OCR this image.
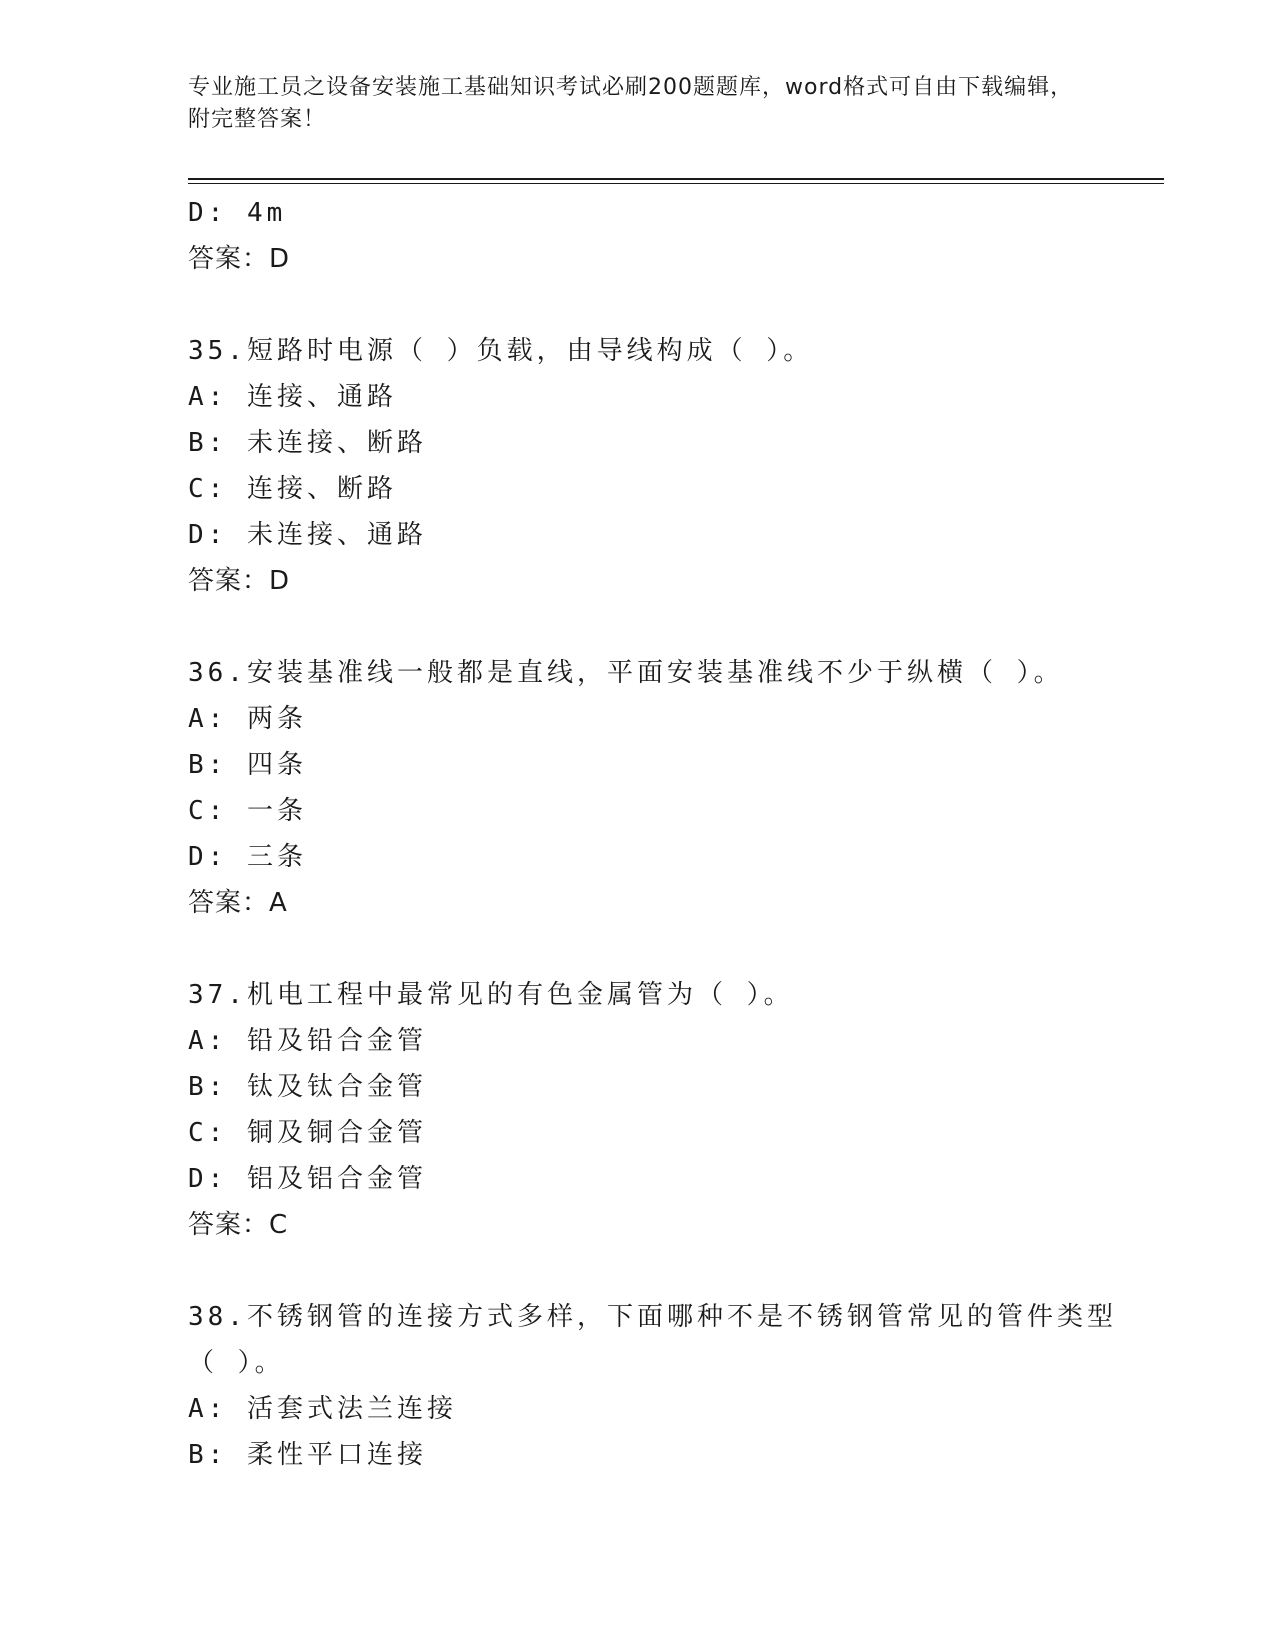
专业施工员之设备安装施工基础知识考试必刷200题题库，word格式可自由下载编辑，附完整答案！
D: 4m
答案：D
35.短路时电源（ ）负载，由导线构成（ ）。
A: 连接、通路
B: 未连接、断路
C: 连接、断路
D: 未连接、通路
答案：D
36.安装基准线一般都是直线，平面安装基准线不少于纵横（ ）。
A: 两条
B: 四条
C: 一条
D: 三条
答案：A
37.机电工程中最常见的有色金属管为（ ）。
A: 铅及铅合金管
B: 钛及钛合金管
C: 铜及铜合金管
D: 铝及铝合金管
答案：C
38.不锈钢管的连接方式多样，下面哪种不是不锈钢管常见的管件类型
（ ）。
A: 活套式法兰连接
B: 柔性平口连接
